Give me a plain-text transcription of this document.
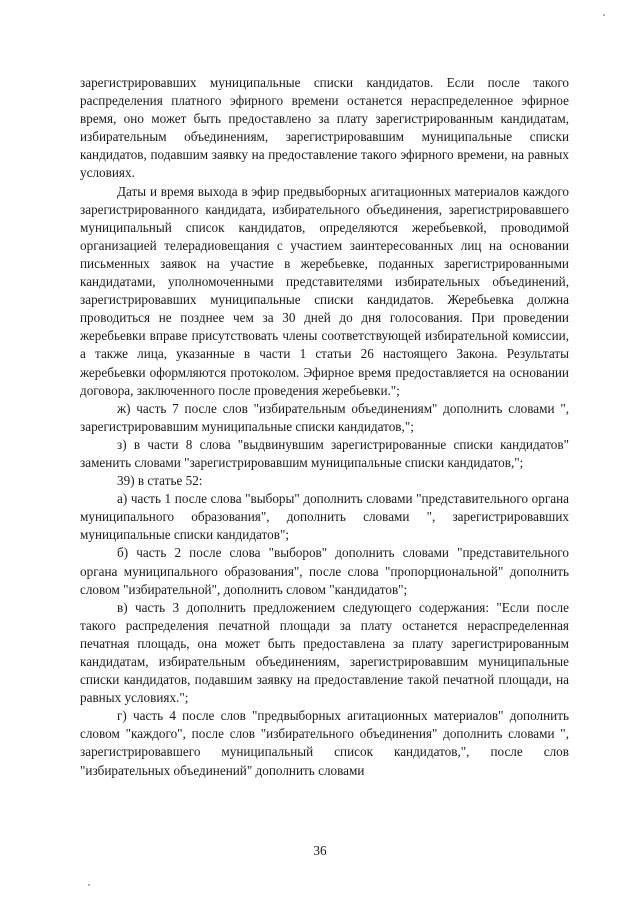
зарегистрировавших муниципальные списки кандидатов. Если после такого распределения платного эфирного времени останется нераспределенное эфирное время, оно может быть предоставлено за плату зарегистрированным кандидатам, избирательным объединениям, зарегистрировавшим муниципальные списки кандидатов, подавшим заявку на предоставление такого эфирного времени, на равных условиях.

Даты и время выхода в эфир предвыборных агитационных материалов каждого зарегистрированного кандидата, избирательного объединения, зарегистрировавшего муниципальный список кандидатов, определяются жеребьевкой, проводимой организацией телерадиовещания с участием заинтересованных лиц на основании письменных заявок на участие в жеребьевке, поданных зарегистрированными кандидатами, уполномоченными представителями избирательных объединений, зарегистрировавших муниципальные списки кандидатов. Жеребьевка должна проводиться не позднее чем за 30 дней до дня голосования. При проведении жеребьевки вправе присутствовать члены соответствующей избирательной комиссии, а также лица, указанные в части 1 статьи 26 настоящего Закона. Результаты жеребьевки оформляются протоколом. Эфирное время предоставляется на основании договора, заключенного после проведения жеребьевки.";

ж) часть 7 после слов "избирательным объединениям" дополнить словами ", зарегистрировавшим муниципальные списки кандидатов,";

з) в части 8 слова "выдвинувшим зарегистрированные списки кандидатов" заменить словами "зарегистрировавшим муниципальные списки кандидатов,";

39) в статье 52:

а) часть 1 после слова "выборы" дополнить словами "представительного органа муниципального образования", дополнить словами ", зарегистрировавших муниципальные списки кандидатов";

б) часть 2 после слова "выборов" дополнить словами "представительного органа муниципального образования", после слова "пропорциональной" дополнить словом "избирательной", дополнить словом "кандидатов";

в) часть 3 дополнить предложением следующего содержания: "Если после такого распределения печатной площади за плату останется нераспределенная печатная площадь, она может быть предоставлена за плату зарегистрированным кандидатам, избирательным объединениям, зарегистрировавшим муниципальные списки кандидатов, подавшим заявку на предоставление такой печатной площади, на равных условиях.";

г) часть 4 после слов "предвыборных агитационных материалов" дополнить словом "каждого", после слов "избирательного объединения" дополнить словами ", зарегистрировавшего муниципальный список кандидатов,", после слов "избирательных объединений" дополнить словами

36
